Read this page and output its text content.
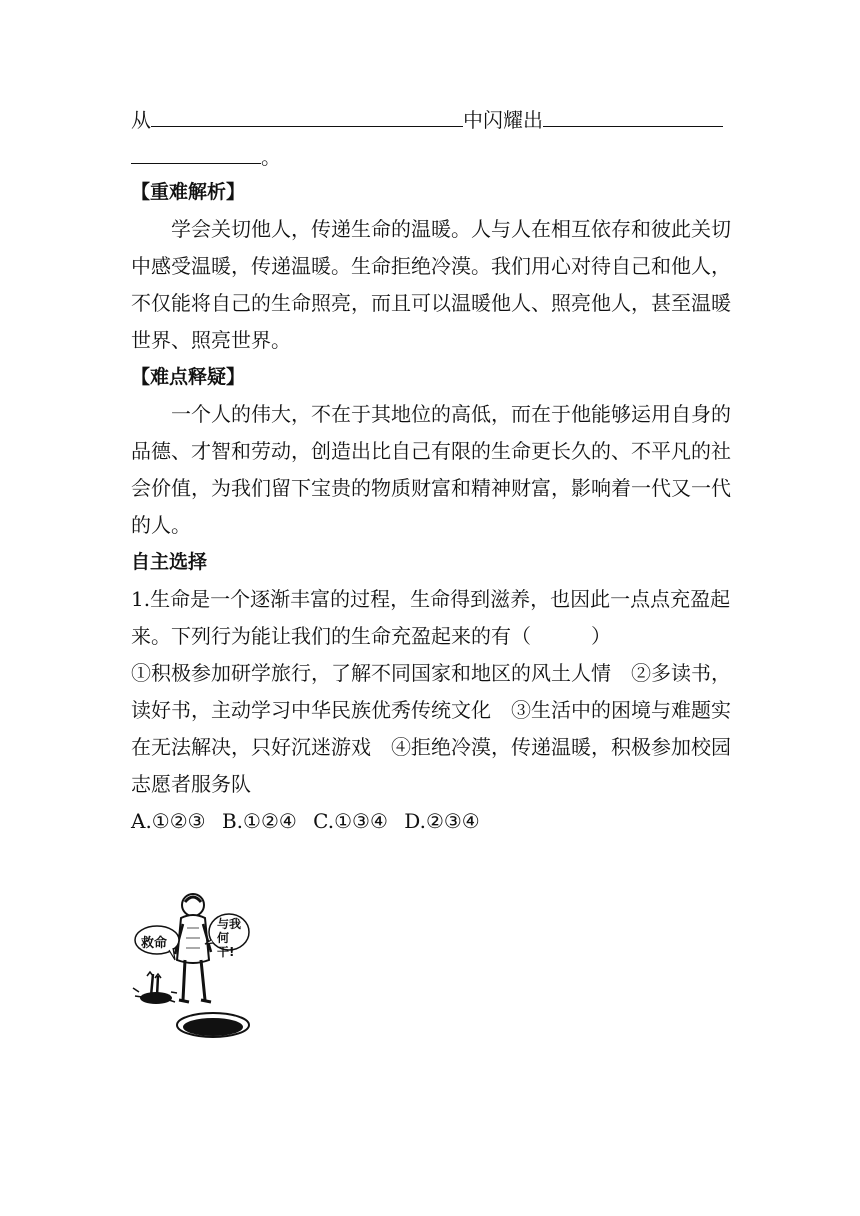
从	中闪耀出
。
【重难解析】
学会关切他人，传递生命的温暖。人与人在相互依存和彼此关切
中感受温暖，传递温暖。生命拒绝冷漠。我们用心对待自己和他人，
不仅能将自己的生命照亮，而且可以温暖他人、照亮他人，甚至温暖
世界、照亮世界。
【难点释疑】
一个人的伟大，不在于其地位的高低，而在于他能够运用自身的
品德、才智和劳动，创造出比自己有限的生命更长久的、不平凡的社
会价值，为我们留下宝贵的物质财富和精神财富，影响着一代又一代
的人。
自主选择
1.生命是一个逐渐丰富的过程，生命得到滋养，也因此一点点充盈起
来。下列行为能让我们的生命充盈起来的有（　　　）
①积极参加研学旅行，了解不同国家和地区的风土人情　②多读书，
读好书，主动学习中华民族优秀传统文化　③生活中的困境与难题实
在无法解决，只好沉迷游戏　④拒绝冷漠，传递温暖，积极参加校园
志愿者服务队
A.①②③ B.①②④ C.①③④ D.②③④
救命
与我何干!
